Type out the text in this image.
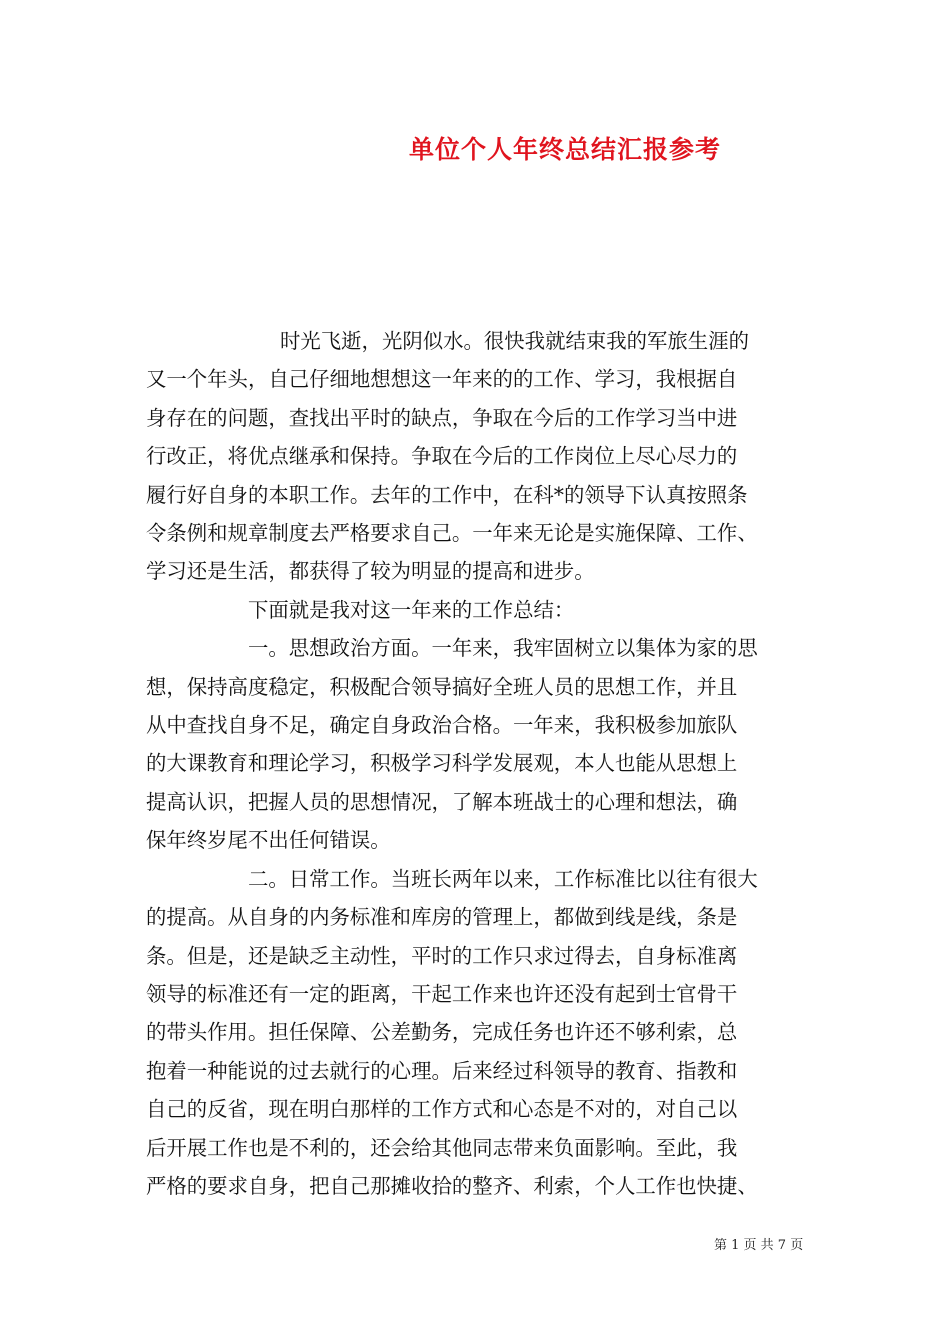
单位个人年终总结汇报参考

时光飞逝，光阴似水。很快我就结束我的军旅生涯的
又一个年头，自己仔细地想想这一年来的的工作、学习，我根据自
身存在的问题，查找出平时的缺点，争取在今后的工作学习当中进
行改正，将优点继承和保持。争取在今后的工作岗位上尽心尽力的
履行好自身的本职工作。去年的工作中，在科*的领导下认真按照条
令条例和规章制度去严格要求自己。一年来无论是实施保障、工作、
学习还是生活，都获得了较为明显的提高和进步。

下面就是我对这一年来的工作总结：

一。思想政治方面。一年来，我牢固树立以集体为家的思
想，保持高度稳定，积极配合领导搞好全班人员的思想工作，并且
从中查找自身不足，确定自身政治合格。一年来，我积极参加旅队
的大课教育和理论学习，积极学习科学发展观，本人也能从思想上
提高认识，把握人员的思想情况，了解本班战士的心理和想法，确
保年终岁尾不出任何错误。

二。日常工作。当班长两年以来，工作标准比以往有很大
的提高。从自身的内务标准和库房的管理上，都做到线是线，条是
条。但是，还是缺乏主动性，平时的工作只求过得去，自身标准离
领导的标准还有一定的距离，干起工作来也许还没有起到士官骨干
的带头作用。担任保障、公差勤务，完成任务也许还不够利索，总
抱着一种能说的过去就行的心理。后来经过科领导的教育、指教和
自己的反省，现在明白那样的工作方式和心态是不对的，对自己以
后开展工作也是不利的，还会给其他同志带来负面影响。至此，我
严格的要求自身，把自己那摊收拾的整齐、利索，个人工作也快捷、

第 1 页 共 7 页
